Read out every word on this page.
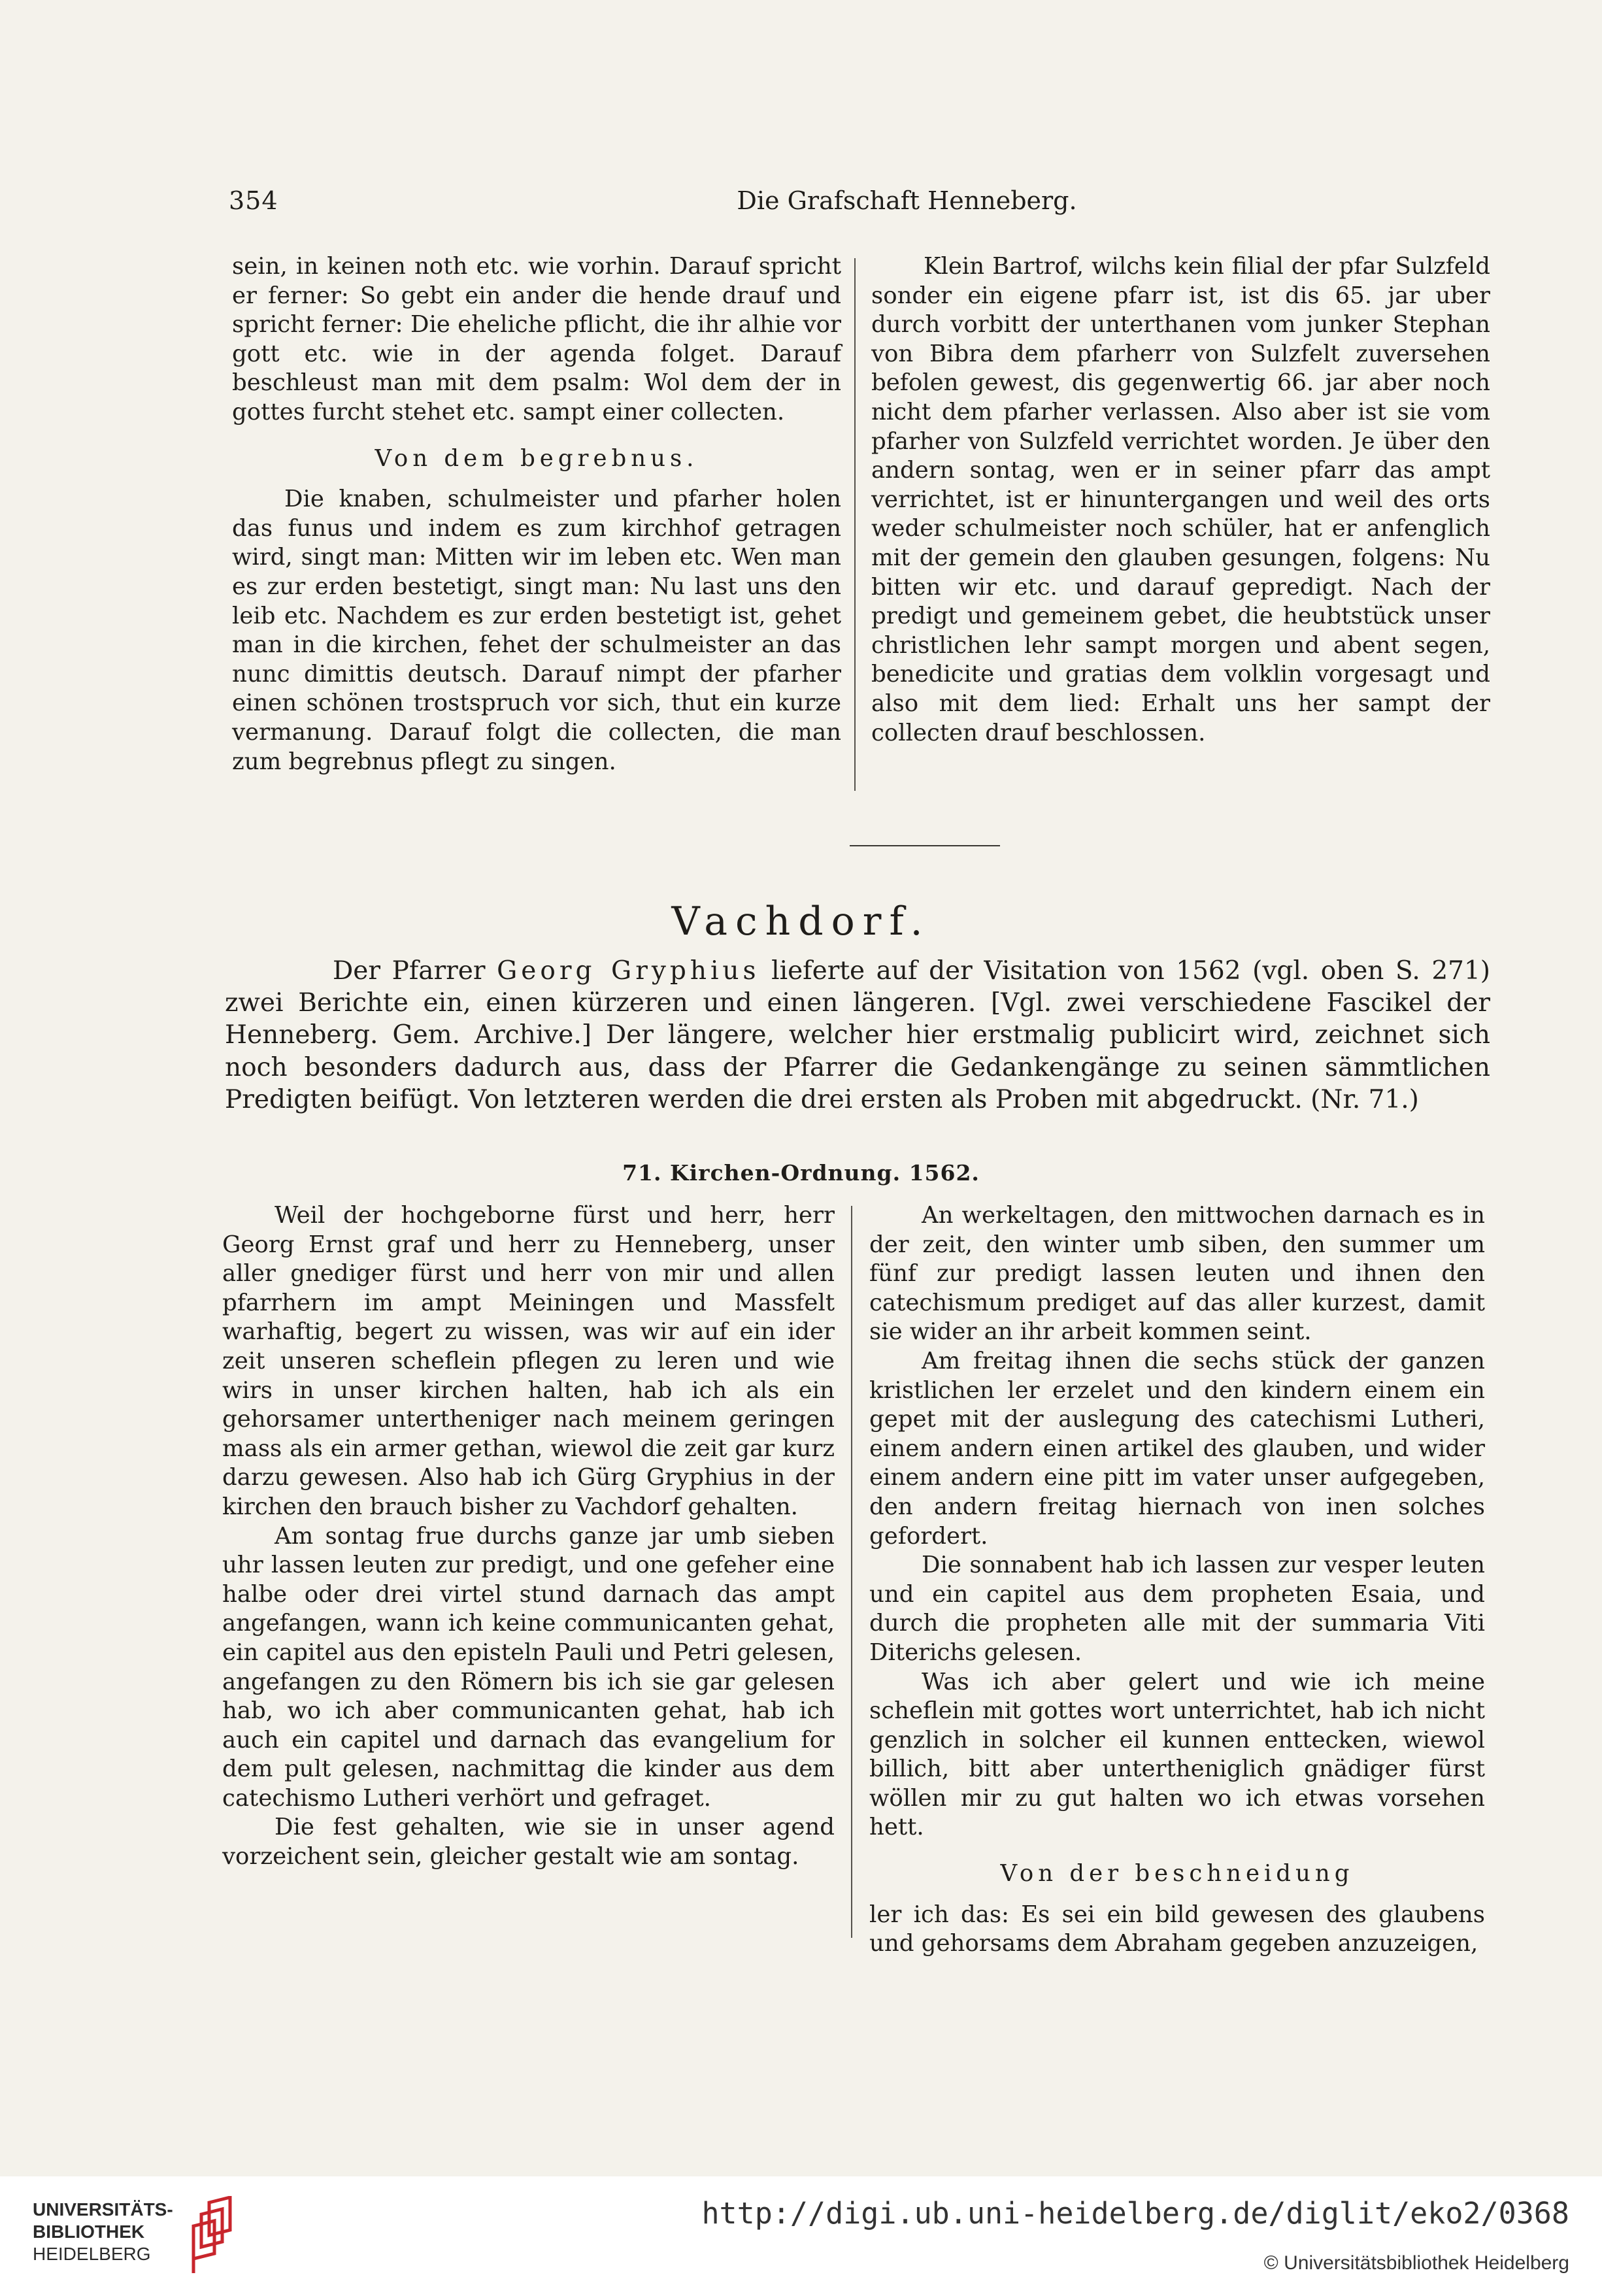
Die Grafschaft Henneberg.
354

sein, in keinen noth etc. wie vorhin. Darauf spricht er ferner: So gebt ein ander die hende drauf und spricht ferner: Die eheliche pflicht, die ihr alhie vor gott etc. wie in der agenda folget. Darauf beschleust man mit dem psalm: Wol dem der in gottes furcht stehet etc. sampt einer collecten.

Von dem begrebnus.

Die knaben, schulmeister und pfarher holen das funus und indem es zum kirchhof getragen wird, singt man: Mitten wir im leben etc. Wen man es zur erden bestetigt, singt man: Nu last uns den leib etc. Nachdem es zur erden bestetigt ist, gehet man in die kirchen, fehet der schulmeister an das nunc dimittis deutsch. Darauf nimpt der pfarher einen schönen trostspruch vor sich, thut ein kurze vermanung. Darauf folgt die collecten, die man zum begrebnus pflegt zu singen.

Klein Bartrof, wilchs kein filial der pfar Sulzfeld sonder ein eigene pfarr ist, ist dis 65. jar uber durch vorbitt der unterthanen vom junker Stephan von Bibra dem pfarherr von Sulzfelt zuversehen befolen gewest, dis gegenwertig 66. jar aber noch nicht dem pfarher verlassen. Also aber ist sie vom pfarher von Sulzfeld verrichtet worden. Je über den andern sontag, wen er in seiner pfarr das ampt verrichtet, ist er hinuntergangen und weil des orts weder schulmeister noch schüler, hat er anfenglich mit der gemein den glauben gesungen, folgens: Nu bitten wir etc. und darauf gepredigt. Nach der predigt und gemeinem gebet, die heubtstück unser christlichen lehr sampt morgen und abent segen, benedicite und gratias dem volklin vorgesagt und also mit dem lied: Erhalt uns her sampt der collecten drauf beschlossen.

Vachdorf.
Der Pfarrer Georg Gryphius lieferte auf der Visitation von 1562 (vgl. oben S. 271) zwei Berichte ein, einen kürzeren und einen längeren. [Vgl. zwei verschiedene Fascikel der Henneberg. Gem. Archive.] Der längere, welcher hier erstmalig publicirt wird, zeichnet sich noch besonders dadurch aus, dass der Pfarrer die Gedankengänge zu seinen sämmtlichen Predigten beifügt. Von letzteren werden die drei ersten als Proben mit abgedruckt. (Nr. 71.)
71. Kirchen-Ordnung. 1562.

Weil der hochgeborne fürst und herr, herr Georg Ernst graf und herr zu Henneberg, unser aller gnediger fürst und herr von mir und allen pfarrhern im ampt Meiningen und Massfelt warhaftig, begert zu wissen, was wir auf ein ider zeit unseren scheflein pflegen zu leren und wie wirs in unser kirchen halten, hab ich als ein gehorsamer untertheniger nach meinem geringen mass als ein armer gethan, wiewol die zeit gar kurz darzu gewesen. Also hab ich Gürg Gryphius in der kirchen den brauch bisher zu Vachdorf gehalten.

Am sontag frue durchs ganze jar umb sieben uhr lassen leuten zur predigt, und one gefeher eine halbe oder drei virtel stund darnach das ampt angefangen, wann ich keine communicanten gehat, ein capitel aus den episteln Pauli und Petri gelesen, angefangen zu den Römern bis ich sie gar gelesen hab, wo ich aber communicanten gehat, hab ich auch ein capitel und darnach das evangelium for dem pult gelesen, nachmittag die kinder aus dem catechismo Lutheri verhört und gefraget.

Die fest gehalten, wie sie in unser agend vorzeichent sein, gleicher gestalt wie am sontag.

An werkeltagen, den mittwochen darnach es in der zeit, den winter umb siben, den summer um fünf zur predigt lassen leuten und ihnen den catechismum prediget auf das aller kurzest, damit sie wider an ihr arbeit kommen seint.

Am freitag ihnen die sechs stück der ganzen kristlichen ler erzelet und den kindern einem ein gepet mit der auslegung des catechismi Lutheri, einem andern einen artikel des glauben, und wider einem andern eine pitt im vater unser aufgegeben, den andern freitag hiernach von inen solches gefordert.

Die sonnabent hab ich lassen zur vesper leuten und ein capitel aus dem propheten Esaia, und durch die propheten alle mit der summaria Viti Diterichs gelesen.

Was ich aber gelert und wie ich meine scheflein mit gottes wort unterrichtet, hab ich nicht genzlich in solcher eil kunnen enttecken, wiewol billich, bitt aber untertheniglich gnädiger fürst wöllen mir zu gut halten wo ich etwas vorsehen hett.

Von der beschneidung

ler ich das: Es sei ein bild gewesen des glaubens und gehorsams dem Abraham gegeben anzuzeigen,

UNIVERSITÄTS-
BIBLIOTHEK
HEIDELBERG
http://digi.ub.uni-heidelberg.de/diglit/eko2/0368
© Universitätsbibliothek Heidelberg
